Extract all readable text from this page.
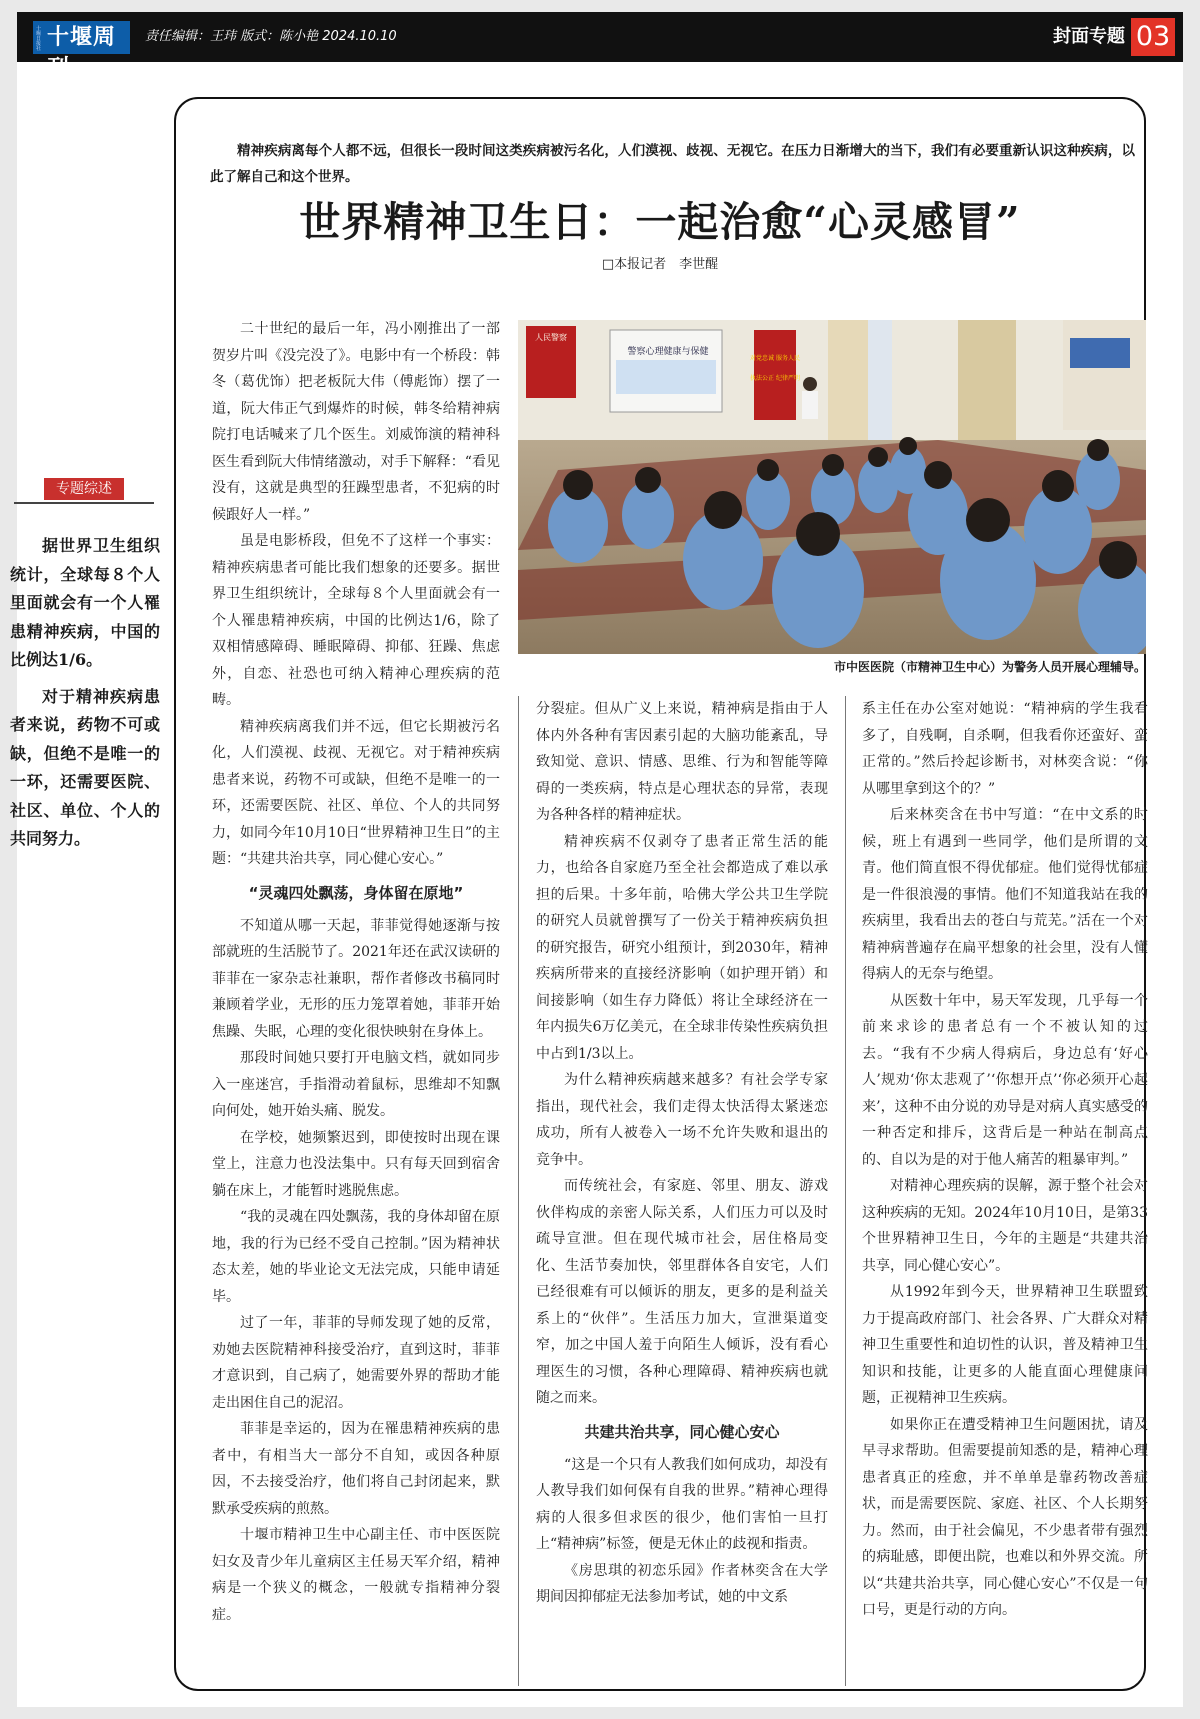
十堰日报社 十堰周刊
责任编辑：王玮 版式：陈小艳 2024.10.10	封面专题 03
专题综述

据世界卫生组织统计，全球每８个人里面就会有一个人罹患精神疾病，中国的比例达1/6。

对于精神疾病患者来说，药物不可或缺，但绝不是唯一的一环，还需要医院、社区、单位、个人的共同努力。

精神疾病离每个人都不远，但很长一段时间这类疾病被污名化，人们漠视、歧视、无视它。在压力日渐增大的当下，我们有必要重新认识这种疾病，以此了解自己和这个世界。
世界精神卫生日：一起治愈“心灵感冒”
□本报记者　李世醒

二十世纪的最后一年，冯小刚推出了一部贺岁片叫《没完没了》。电影中有一个桥段：韩冬（葛优饰）把老板阮大伟（傅彪饰）摆了一道，阮大伟正气到爆炸的时候，韩冬给精神病院打电话喊来了几个医生。刘威饰演的精神科医生看到阮大伟情绪激动，对手下解释：“看见没有，这就是典型的狂躁型患者，不犯病的时候跟好人一样。”

虽是电影桥段，但免不了这样一个事实：精神疾病患者可能比我们想象的还要多。据世界卫生组织统计，全球每８个人里面就会有一个人罹患精神疾病，中国的比例达1/6，除了双相情感障碍、睡眠障碍、抑郁、狂躁、焦虑外，自恋、社恐也可纳入精神心理疾病的范畴。

精神疾病离我们并不远，但它长期被污名化，人们漠视、歧视、无视它。对于精神疾病患者来说，药物不可或缺，但绝不是唯一的一环，还需要医院、社区、单位、个人的共同努力，如同今年10月10日“世界精神卫生日”的主题：“共建共治共享，同心健心安心。”

“灵魂四处飘荡，身体留在原地”

不知道从哪一天起，菲菲觉得她逐渐与按部就班的生活脱节了。2021年还在武汉读研的菲菲在一家杂志社兼职，帮作者修改书稿同时兼顾着学业，无形的压力笼罩着她，菲菲开始焦躁、失眠，心理的变化很快映射在身体上。

那段时间她只要打开电脑文档，就如同步入一座迷宫，手指滑动着鼠标，思维却不知飘向何处，她开始头痛、脱发。

在学校，她频繁迟到，即使按时出现在课堂上，注意力也没法集中。只有每天回到宿舍躺在床上，才能暂时逃脱焦虑。

“我的灵魂在四处飘荡，我的身体却留在原地，我的行为已经不受自己控制。”因为精神状态太差，她的毕业论文无法完成，只能申请延毕。

过了一年，菲菲的导师发现了她的反常，劝她去医院精神科接受治疗，直到这时，菲菲才意识到，自己病了，她需要外界的帮助才能走出困住自己的泥沼。

菲菲是幸运的，因为在罹患精神疾病的患者中，有相当大一部分不自知，或因各种原因，不去接受治疗，他们将自己封闭起来，默默承受疾病的煎熬。

十堰市精神卫生中心副主任、市中医医院妇女及青少年儿童病区主任易天军介绍，精神病是一个狭义的概念，一般就专指精神分裂症。

人民警察
警察心理健康与保健
对党忠诚 服务人民
执法公正 纪律严明
市中医医院（市精神卫生中心）为警务人员开展心理辅导。

分裂症。但从广义上来说，精神病是指由于人体内外各种有害因素引起的大脑功能紊乱，导致知觉、意识、情感、思维、行为和智能等障碍的一类疾病，特点是心理状态的异常，表现为各种各样的精神症状。

精神疾病不仅剥夺了患者正常生活的能力，也给各自家庭乃至全社会都造成了难以承担的后果。十多年前，哈佛大学公共卫生学院的研究人员就曾撰写了一份关于精神疾病负担的研究报告，研究小组预计，到2030年，精神疾病所带来的直接经济影响（如护理开销）和间接影响（如生存力降低）将让全球经济在一年内损失6万亿美元，在全球非传染性疾病负担中占到1/3以上。

为什么精神疾病越来越多？有社会学专家指出，现代社会，我们走得太快活得太紧迷恋成功，所有人被卷入一场不允许失败和退出的竞争中。

而传统社会，有家庭、邻里、朋友、游戏伙伴构成的亲密人际关系，人们压力可以及时疏导宣泄。但在现代城市社会，居住格局变化、生活节奏加快，邻里群体各自安宅，人们已经很难有可以倾诉的朋友，更多的是利益关系上的“伙伴”。生活压力加大，宣泄渠道变窄，加之中国人羞于向陌生人倾诉，没有看心理医生的习惯，各种心理障碍、精神疾病也就随之而来。

共建共治共享，同心健心安心

“这是一个只有人教我们如何成功，却没有人教导我们如何保有自我的世界。”精神心理得病的人很多但求医的很少，他们害怕一旦打上“精神病”标签，便是无休止的歧视和指责。

《房思琪的初恋乐园》作者林奕含在大学期间因抑郁症无法参加考试，她的中文系

系主任在办公室对她说：“精神病的学生我看多了，自残啊，自杀啊，但我看你还蛮好、蛮正常的。”然后拎起诊断书，对林奕含说：“你从哪里拿到这个的？”

后来林奕含在书中写道：“在中文系的时候，班上有遇到一些同学，他们是所谓的文青。他们简直恨不得优郁症。他们觉得忧郁症是一件很浪漫的事情。他们不知道我站在我的疾病里，我看出去的苍白与荒芜。”活在一个对精神病普遍存在扁平想象的社会里，没有人懂得病人的无奈与绝望。

从医数十年中，易天军发现，几乎每一个前来求诊的患者总有一个不被认知的过去。“我有不少病人得病后，身边总有‘好心人’规劝‘你太悲观了’‘你想开点’‘你必须开心起来’，这种不由分说的劝导是对病人真实感受的一种否定和排斥，这背后是一种站在制高点的、自以为是的对于他人痛苦的粗暴审判。”

对精神心理疾病的误解，源于整个社会对这种疾病的无知。2024年10月10日，是第33个世界精神卫生日，今年的主题是“共建共治共享，同心健心安心”。

从1992年到今天，世界精神卫生联盟致力于提高政府部门、社会各界、广大群众对精神卫生重要性和迫切性的认识，普及精神卫生知识和技能，让更多的人能直面心理健康问题，正视精神卫生疾病。

如果你正在遭受精神卫生问题困扰，请及早寻求帮助。但需要提前知悉的是，精神心理患者真正的痊愈，并不单单是靠药物改善症状，而是需要医院、家庭、社区、个人长期努力。然而，由于社会偏见，不少患者带有强烈的病耻感，即便出院，也难以和外界交流。所以“共建共治共享，同心健心安心”不仅是一句口号，更是行动的方向。
